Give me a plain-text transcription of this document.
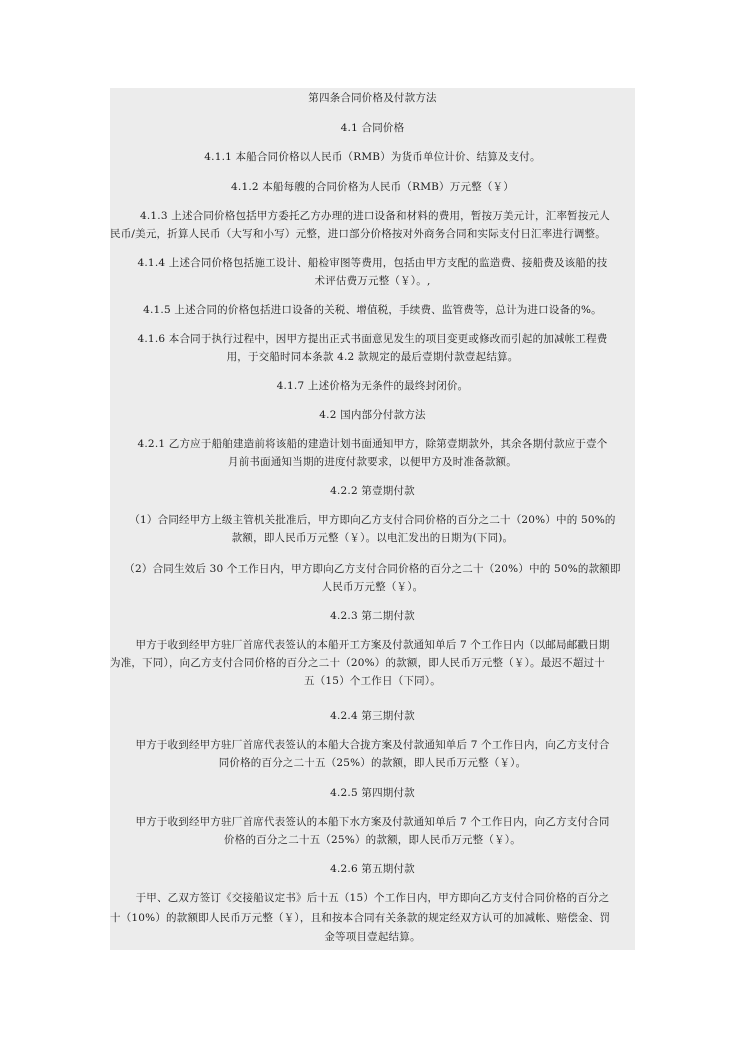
第四条合同价格及付款方法
4.1 合同价格
4.1.1 本船合同价格以人民币（RMB）为货币单位计价、结算及支付。
4.1.2 本船每艘的合同价格为人民币（RMB）万元整（￥）
4.1.3 上述合同价格包括甲方委托乙方办理的进口设备和材料的费用，暂按万美元计，汇率暂按元人
民币/美元，折算人民币（大写和小写）元整，进口部分价格按对外商务合同和实际支付日汇率进行调整。
4.1.4 上述合同价格包括施工设计、船检审图等费用，包括由甲方支配的监造费、接船费及该船的技
术评估费万元整（￥）。,
4.1.5 上述合同的价格包括进口设备的关税、增值税，手续费、监管费等，总计为进口设备的%。
4.1.6 本合同于执行过程中，因甲方提出正式书面意见发生的项目变更或修改而引起的加减帐工程费
用，于交船时同本条款 4.2 款规定的最后壹期付款壹起结算。
4.1.7 上述价格为无条件的最终封闭价。
4.2 国内部分付款方法
4.2.1 乙方应于船舶建造前将该船的建造计划书面通知甲方，除第壹期款外，其余各期付款应于壹个
月前书面通知当期的进度付款要求，以便甲方及时准备款额。
4.2.2 第壹期付款
（1）合同经甲方上级主管机关批准后，甲方即向乙方支付合同价格的百分之二十（20%）中的 50%的
款额，即人民币万元整（￥）。以电汇发出的日期为(下同)。
（2）合同生效后 30 个工作日内，甲方即向乙方支付合同价格的百分之二十（20%）中的 50%的款额即
人民币万元整（￥）。
4.2.3 第二期付款
甲方于收到经甲方驻厂首席代表签认的本船开工方案及付款通知单后 7 个工作日内（以邮局邮戳日期
为准，下同），向乙方支付合同价格的百分之二十（20%）的款额，即人民币万元整（￥）。最迟不超过十
五（15）个工作日（下同）。
4.2.4 第三期付款
甲方于收到经甲方驻厂首席代表签认的本船大合拢方案及付款通知单后 7 个工作日内，向乙方支付合
同价格的百分之二十五（25%）的款额，即人民币万元整（￥）。
4.2.5 第四期付款
甲方于收到经甲方驻厂首席代表签认的本船下水方案及付款通知单后 7 个工作日内，向乙方支付合同
价格的百分之二十五（25%）的款额，即人民币万元整（￥）。
4.2.6 第五期付款
于甲、乙双方签订《交接船议定书》后十五（15）个工作日内，甲方即向乙方支付合同价格的百分之
十（10%）的款额即人民币万元整（￥），且和按本合同有关条款的规定经双方认可的加减帐、赔偿金、罚
金等项目壹起结算。
